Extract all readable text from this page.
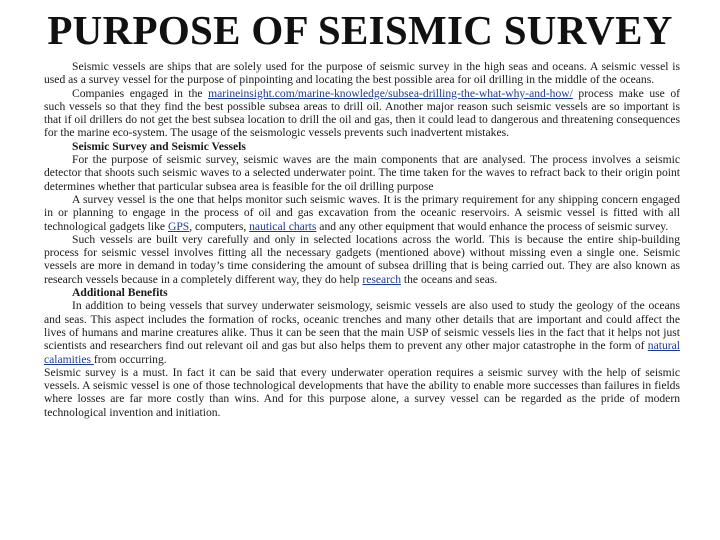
PURPOSE OF SEISMIC SURVEY

Seismic vessels are ships that are solely used for the purpose of seismic survey in the high seas and oceans. A seismic vessel is used as a survey vessel for the purpose of pinpointing and locating the best possible area for oil drilling in the middle of the oceans.

Companies engaged in the marineinsight.com/marine-knowledge/subsea-drilling-the-what-why-and-how/ process make use of such vessels so that they find the best possible subsea areas to drill oil. Another major reason such seismic vessels are so important is that if oil drillers do not get the best subsea location to drill the oil and gas, then it could lead to dangerous and threatening consequences for the marine eco-system. The usage of the seismologic vessels prevents such inadvertent mistakes.

Seismic Survey and Seismic Vessels

For the purpose of seismic survey, seismic waves are the main components that are analysed. The process involves a seismic detector that shoots such seismic waves to a selected underwater point. The time taken for the waves to refract back to their origin point determines whether that particular subsea area is feasible for the oil drilling purpose

A survey vessel is the one that helps monitor such seismic waves. It is the primary requirement for any shipping concern engaged in or planning to engage in the process of oil and gas excavation from the oceanic reservoirs. A seismic vessel is fitted with all technological gadgets like GPS, computers, nautical charts and any other equipment that would enhance the process of seismic survey.

Such vessels are built very carefully and only in selected locations across the world. This is because the entire ship-building process for seismic vessel involves fitting all the necessary gadgets (mentioned above) without missing even a single one. Seismic vessels are more in demand in today’s time considering the amount of subsea drilling that is being carried out. They are also known as research vessels because in a completely different way, they do help research the oceans and seas.

Additional Benefits

In addition to being vessels that survey underwater seismology, seismic vessels are also used to study the geology of the oceans and seas. This aspect includes the formation of rocks, oceanic trenches and many other details that are important and could affect the lives of humans and marine creatures alike. Thus it can be seen that the main USP of seismic vessels lies in the fact that it helps not just scientists and researchers find out relevant oil and gas but also helps them to prevent any other major catastrophe in the form of natural calamities from occurring.

Seismic survey is a must. In fact it can be said that every underwater operation requires a seismic survey with the help of seismic vessels. A seismic vessel is one of those technological developments that have the ability to enable more successes than failures in fields where losses are far more costly than wins. And for this purpose alone, a survey vessel can be regarded as the pride of modern technological invention and initiation.
